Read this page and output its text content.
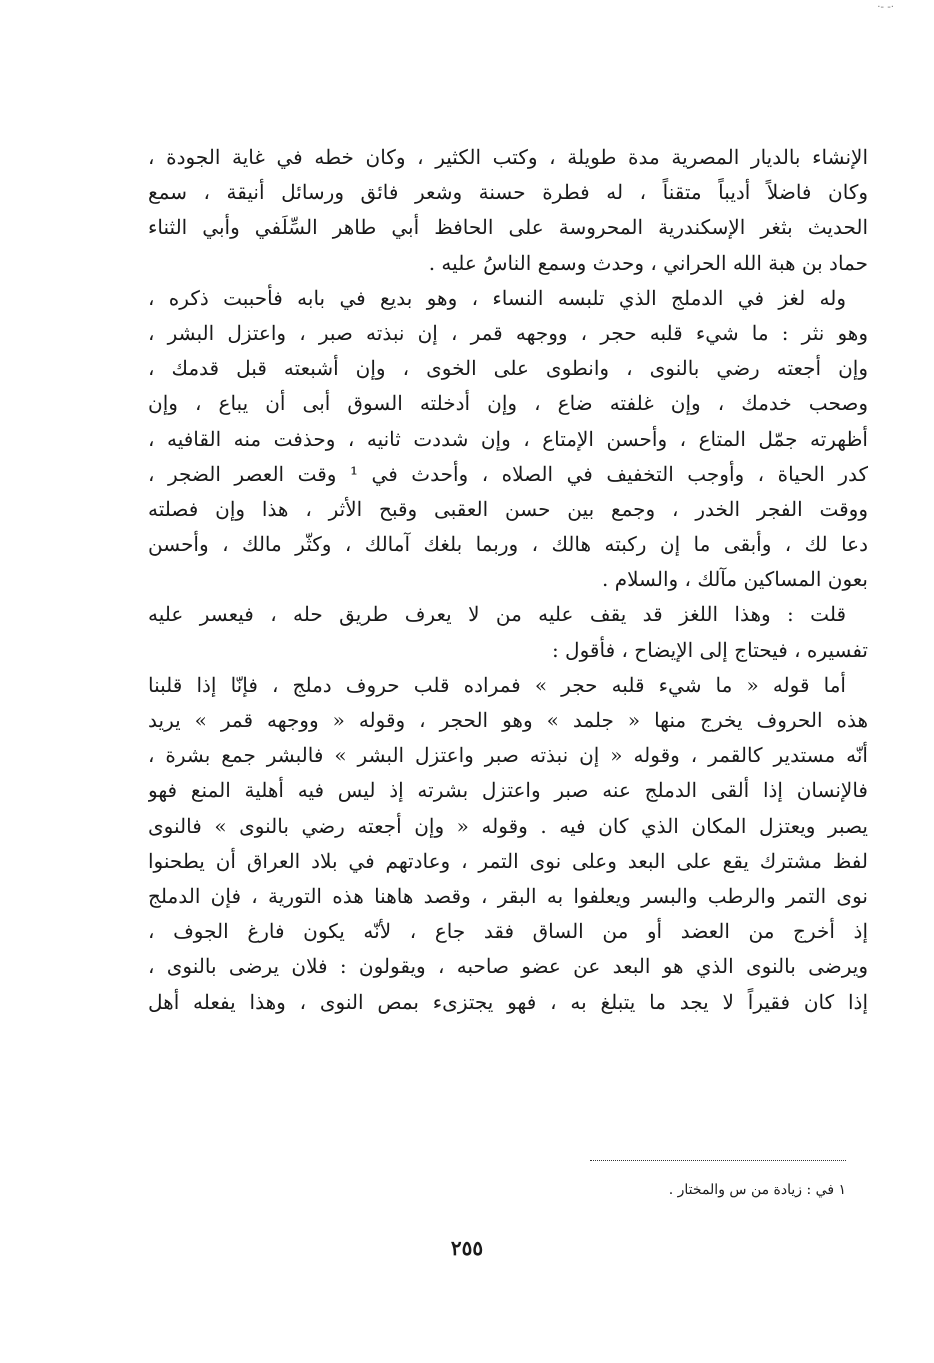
·- -·
الإنشاء بالديار المصرية مدة طويلة ، وكتب الكثير ، وكان خطه في غاية الجودة ،
وكان فاضلاً أديباً متقناً ، له فطرة حسنة وشعر فائق ورسائل أنيقة ، سمع
الحديث بثغر الإسكندرية المحروسة على الحافظ أبي طاهر السِّلَفي وأبي الثناء
حماد بن هبة الله الحراني ، وحدث وسمع الناسُ عليه .
وله لغز في الدملج الذي تلبسه النساء ، وهو بديع في بابه فأحببت ذكره ،
وهو نثر : ما شيء قلبه حجر ، ووجهه قمر ، إن نبذته صبر ، واعتزل البشر ،
وإن أجعته رضي بالنوى ، وانطوى على الخوى ، وإن أشبعته قبل قدمك ،
وصحب خدمك ، وإن غلفته ضاع ، وإن أدخلته السوق أبى أن يباع ، وإن
أظهرته جمّل المتاع ، وأحسن الإمتاع ، وإن شددت ثانيه ، وحذفت منه القافيه ،
كدر الحياة ، وأوجب التخفيف في الصلاه ، وأحدث في ¹ وقت العصر الضجر ،
ووقت الفجر الخدر ، وجمع بين حسن العقبى وقبح الأثر ، هذا وإن فصلته
دعا لك ، وأبقى ما إن ركبته هالك ، وربما بلغك آمالك ، وكثّر مالك ، وأحسن
بعون المساكين مآلك ، والسلام .
قلت : وهذا اللغز قد يقف عليه من لا يعرف طريق حله ، فيعسر عليه
تفسيره ، فيحتاج إلى الإيضاح ، فأقول :
أما قوله « ما شيء قلبه حجر » فمراده قلب حروف دملج ، فإنّا إذا قلبنا
هذه الحروف يخرج منها « جلمد » وهو الحجر ، وقوله « ووجهه قمر » يريد
أنّه مستدير كالقمر ، وقوله « إن نبذته صبر واعتزل البشر » فالبشر جمع بشرة ،
فالإنسان إذا ألقى الدملج عنه صبر واعتزل بشرته إذ ليس فيه أهلية المنع فهو
يصبر ويعتزل المكان الذي كان فيه . وقوله « وإن أجعته رضي بالنوى » فالنوى
لفظ مشترك يقع على البعد وعلى نوى التمر ، وعادتهم في بلاد العراق أن يطحنوا
نوى التمر والرطب والبسر ويعلفوا به البقر ، وقصد هاهنا هذه التورية ، فإن الدملج
إذ أخرج من العضد أو من الساق فقد جاع ، لأنّه يكون فارغ الجوف ،
ويرضى بالنوى الذي هو البعد عن عضو صاحبه ، ويقولون : فلان يرضى بالنوى ،
إذا كان فقيراً لا يجد ما يتبلغ به ، فهو يجتزىء بمص النوى ، وهذا يفعله أهل
١ في : زيادة من س والمختار .
٢٥٥
